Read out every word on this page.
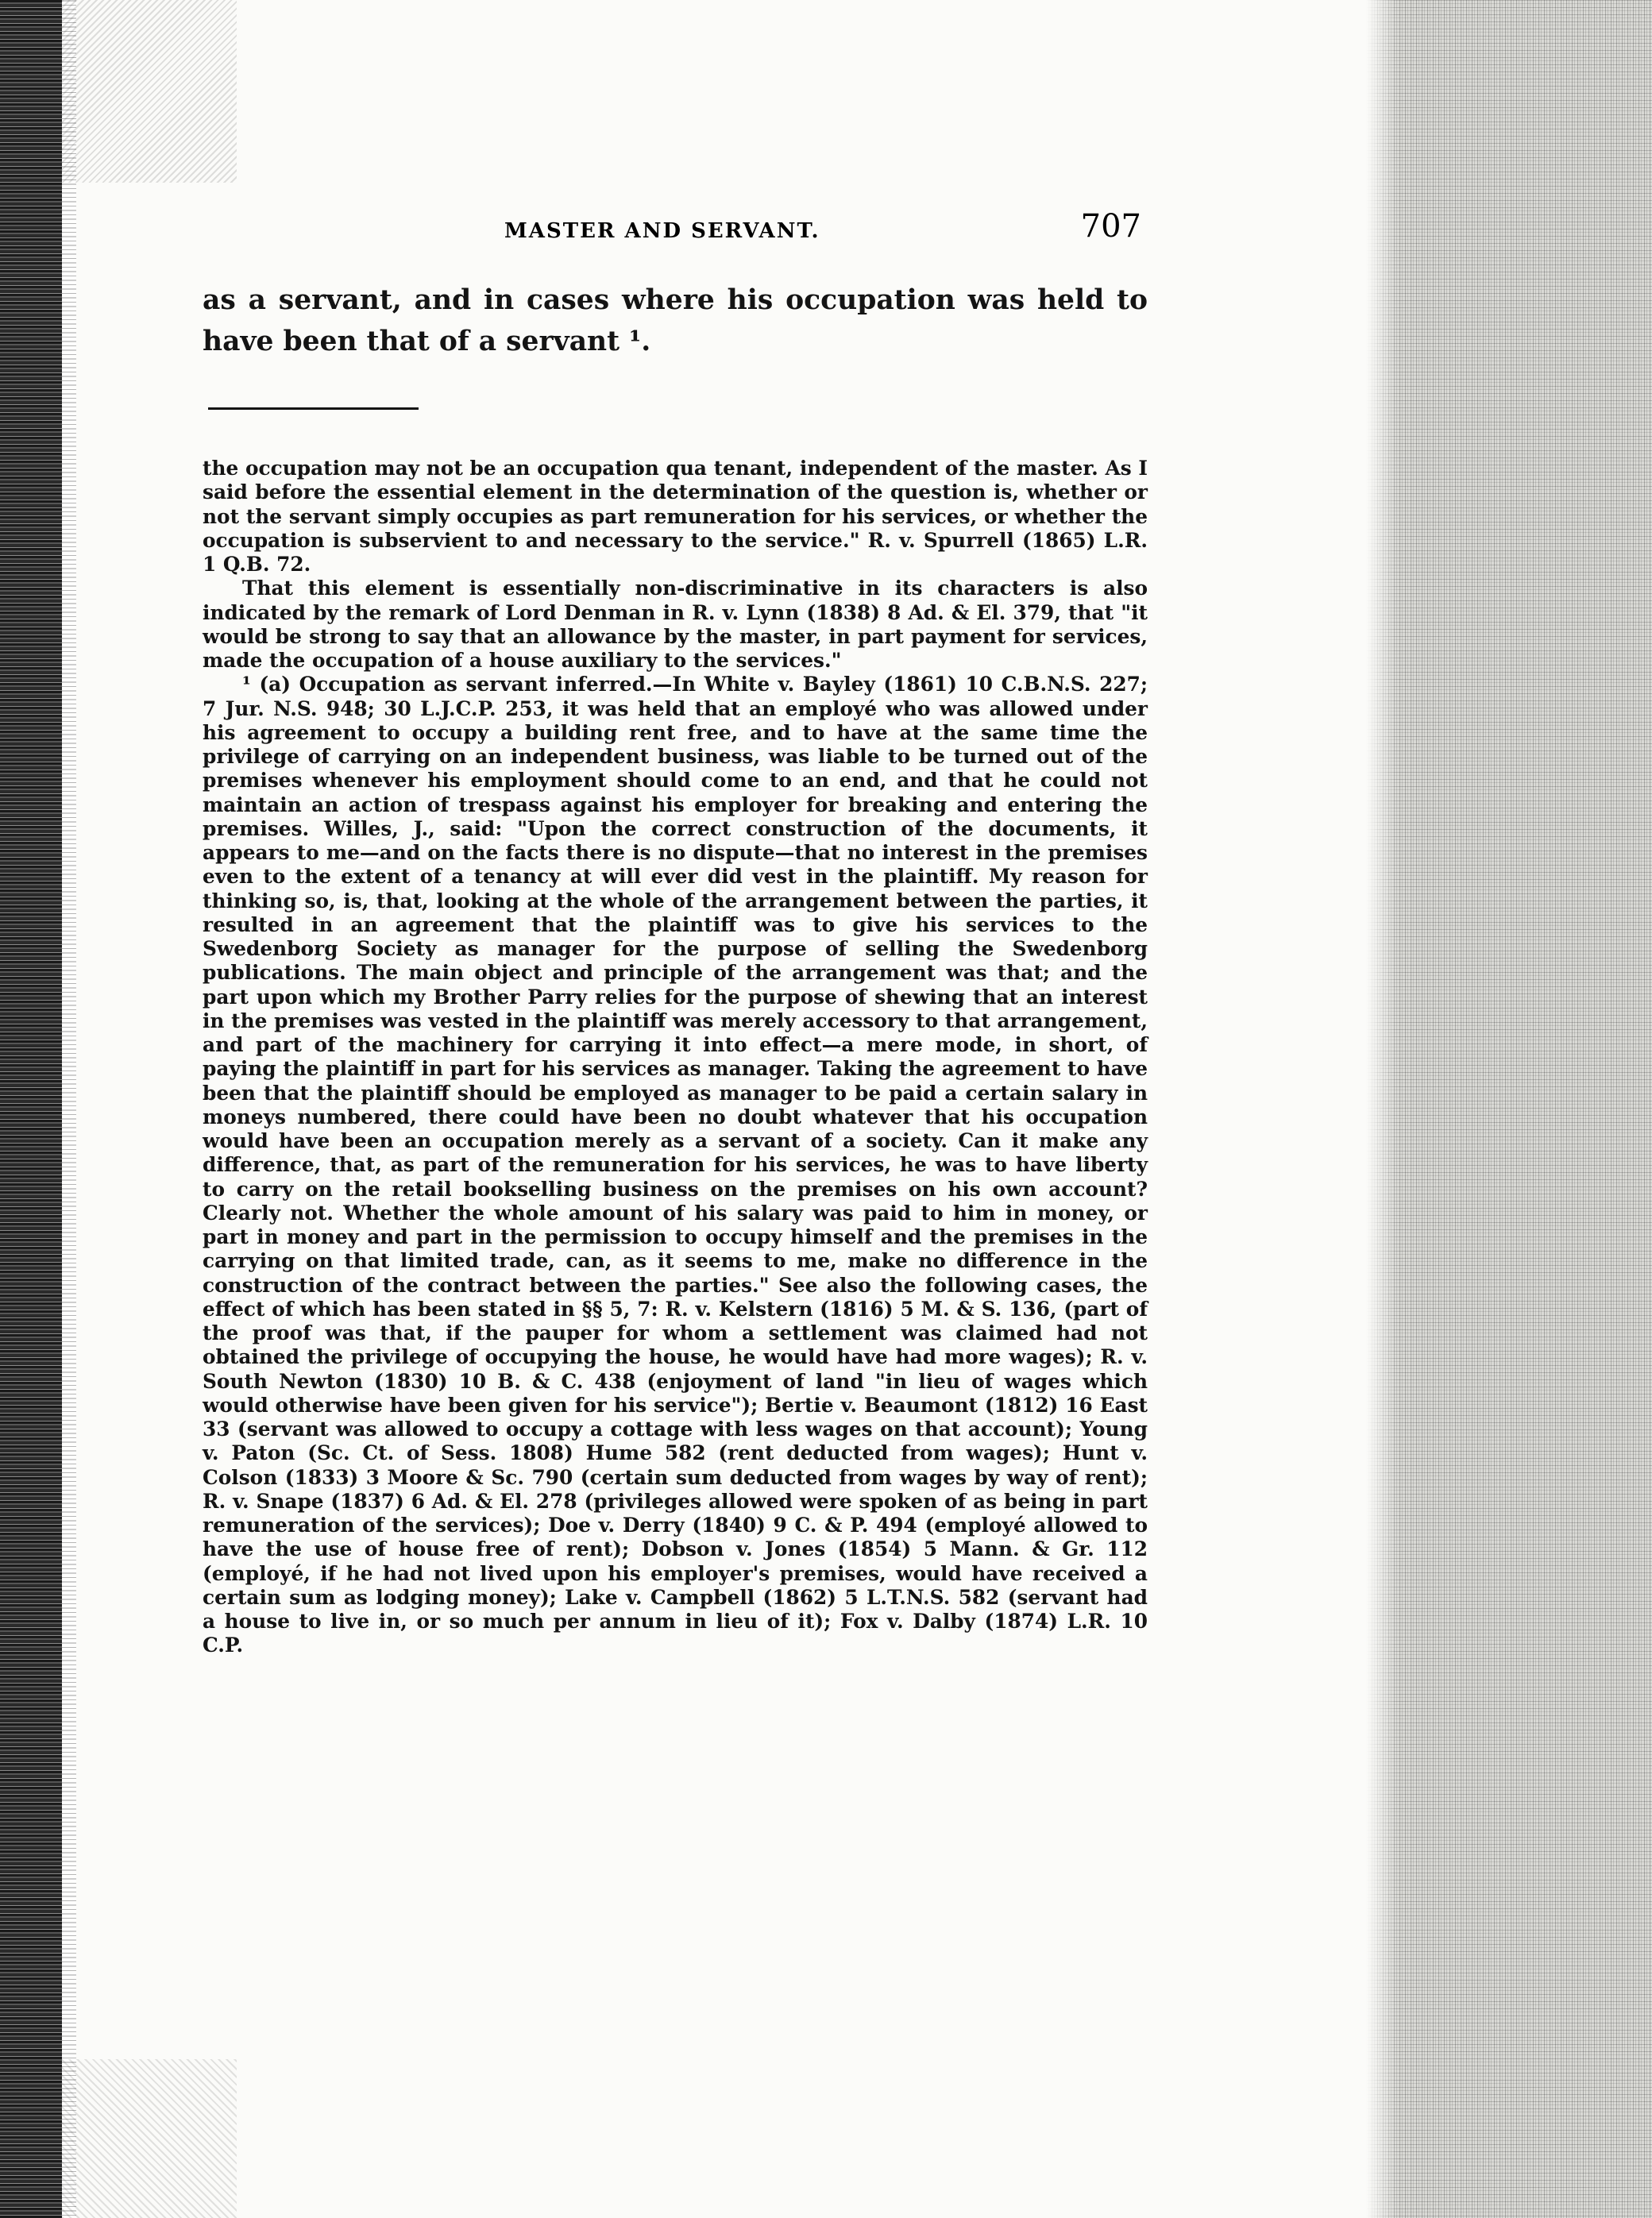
MASTER AND SERVANT.	707
as a servant, and in cases where his occupation was held to have been that of a servant ¹.

the occupation may not be an occupation qua tenant, independent of the master. As I said before the essential element in the determination of the question is, whether or not the servant simply occupies as part remuneration for his services, or whether the occupation is subservient to and necessary to the service." R. v. Spurrell (1865) L.R. 1 Q.B. 72.

That this element is essentially non-discriminative in its characters is also indicated by the remark of Lord Denman in R. v. Lynn (1838) 8 Ad. & El. 379, that "it would be strong to say that an allowance by the master, in part payment for services, made the occupation of a house auxiliary to the services."

¹ (a) Occupation as servant inferred.—In White v. Bayley (1861) 10 C.B.N.S. 227; 7 Jur. N.S. 948; 30 L.J.C.P. 253, it was held that an employé who was allowed under his agreement to occupy a building rent free, and to have at the same time the privilege of carrying on an independent business, was liable to be turned out of the premises whenever his employment should come to an end, and that he could not maintain an action of trespass against his employer for breaking and entering the premises. Willes, J., said: "Upon the correct construction of the documents, it appears to me—and on the facts there is no dispute—that no interest in the premises even to the extent of a tenancy at will ever did vest in the plaintiff. My reason for thinking so, is, that, looking at the whole of the arrangement between the parties, it resulted in an agreement that the plaintiff was to give his services to the Swedenborg Society as manager for the purpose of selling the Swedenborg publications. The main object and principle of the arrangement was that; and the part upon which my Brother Parry relies for the purpose of shewing that an interest in the premises was vested in the plaintiff was merely accessory to that arrangement, and part of the machinery for carrying it into effect—a mere mode, in short, of paying the plaintiff in part for his services as manager. Taking the agreement to have been that the plaintiff should be employed as manager to be paid a certain salary in moneys numbered, there could have been no doubt whatever that his occupation would have been an occupation merely as a servant of a society. Can it make any difference, that, as part of the remuneration for his services, he was to have liberty to carry on the retail bookselling business on the premises on his own account? Clearly not. Whether the whole amount of his salary was paid to him in money, or part in money and part in the permission to occupy himself and the premises in the carrying on that limited trade, can, as it seems to me, make no difference in the construction of the contract between the parties." See also the following cases, the effect of which has been stated in §§ 5, 7: R. v. Kelstern (1816) 5 M. & S. 136, (part of the proof was that, if the pauper for whom a settlement was claimed had not obtained the privilege of occupying the house, he would have had more wages); R. v. South Newton (1830) 10 B. & C. 438 (enjoyment of land "in lieu of wages which would otherwise have been given for his service"); Bertie v. Beaumont (1812) 16 East 33 (servant was allowed to occupy a cottage with less wages on that account); Young v. Paton (Sc. Ct. of Sess. 1808) Hume 582 (rent deducted from wages); Hunt v. Colson (1833) 3 Moore & Sc. 790 (certain sum deducted from wages by way of rent); R. v. Snape (1837) 6 Ad. & El. 278 (privileges allowed were spoken of as being in part remuneration of the services); Doe v. Derry (1840) 9 C. & P. 494 (employé allowed to have the use of house free of rent); Dobson v. Jones (1854) 5 Mann. & Gr. 112 (employé, if he had not lived upon his employer's premises, would have received a certain sum as lodging money); Lake v. Campbell (1862) 5 L.T.N.S. 582 (servant had a house to live in, or so much per annum in lieu of it); Fox v. Dalby (1874) L.R. 10 C.P.
